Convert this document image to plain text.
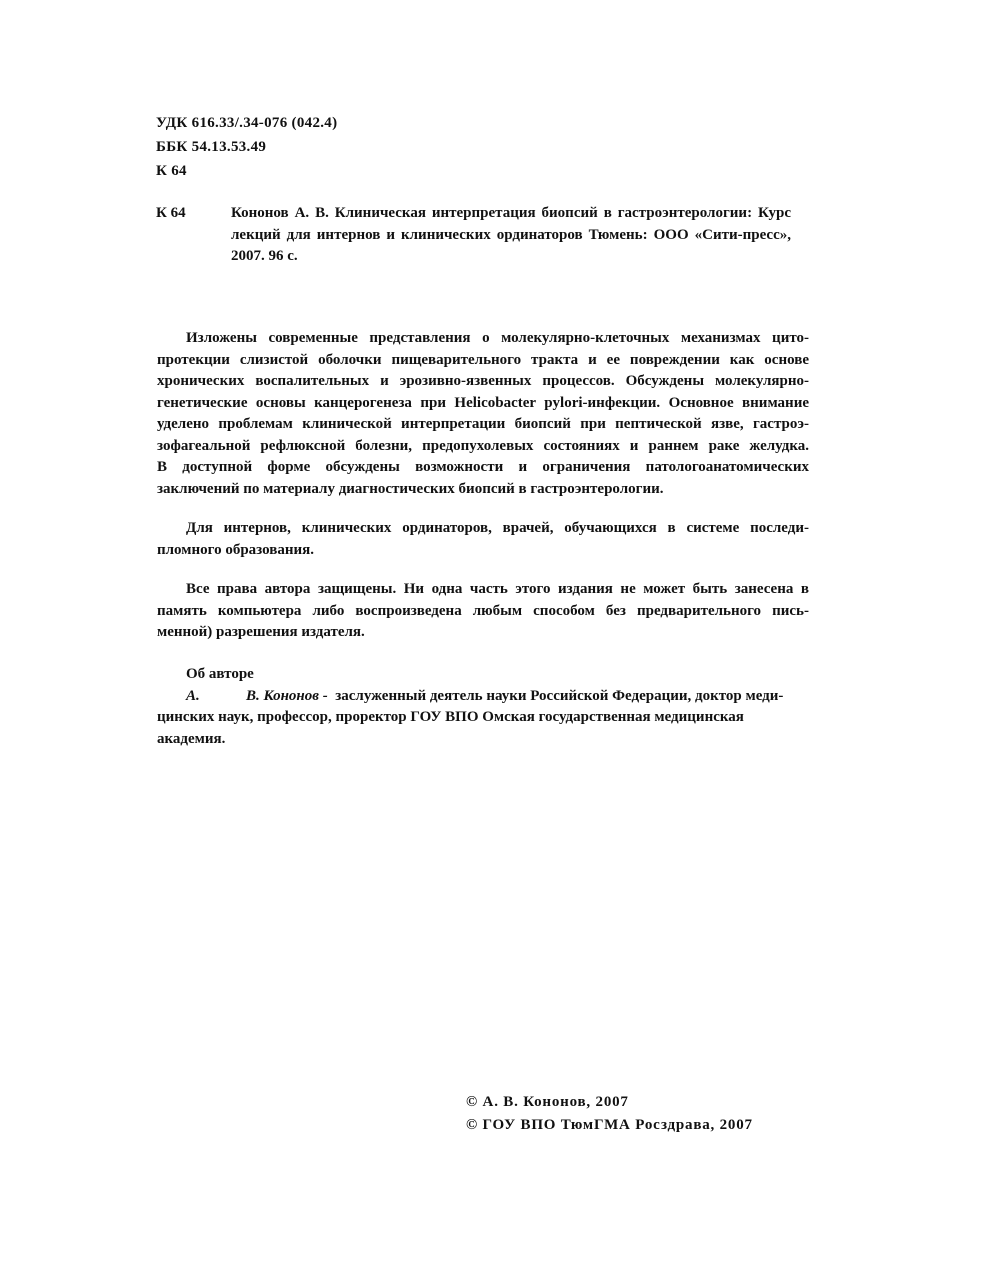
УДК 616.33/.34-076 (042.4)
ББК 54.13.53.49
К 64
К 64	Кононов А. В. Клиническая интерпретация биопсий в гастроэнтерологии: Курс
лекций для интернов и клинических ординаторов Тюмень: ООО «Сити-пресс»,
2007. 96 с.
Изложены современные представления о молекулярно-клеточных механизмах цито-
протекции слизистой оболочки пищеварительного тракта и ее повреждении как основе
хронических воспалительных и эрозивно-язвенных процессов. Обсуждены молекулярно-
генетические основы канцерогенеза при Helicobacter pylori-инфекции. Основное внимание
уделено проблемам клинической интерпретации биопсий при пептической язве, гастроэ-
зофагеальной рефлюксной болезни, предопухолевых состояниях и раннем раке желудка.
В доступной форме обсуждены возможности и ограничения патологоанатомических
заключений по материалу диагностических биопсий в гастроэнтерологии.
Для интернов, клинических ординаторов, врачей, обучающихся в системе последи-
пломного образования.
Все права автора защищены. Ни одна часть этого издания не может быть занесена в
память компьютера либо воспроизведена любым способом без предварительного пись-
менной) разрешения издателя.
Об авторе
А.	В. Кононов - заслуженный деятель науки Российской Федерации, доктор меди-
цинских наук, профессор, проректор ГОУ ВПО Омская государственная медицинская
академия.
© А. В. Кононов, 2007
© ГОУ ВПО ТюмГМА Росздрава, 2007
